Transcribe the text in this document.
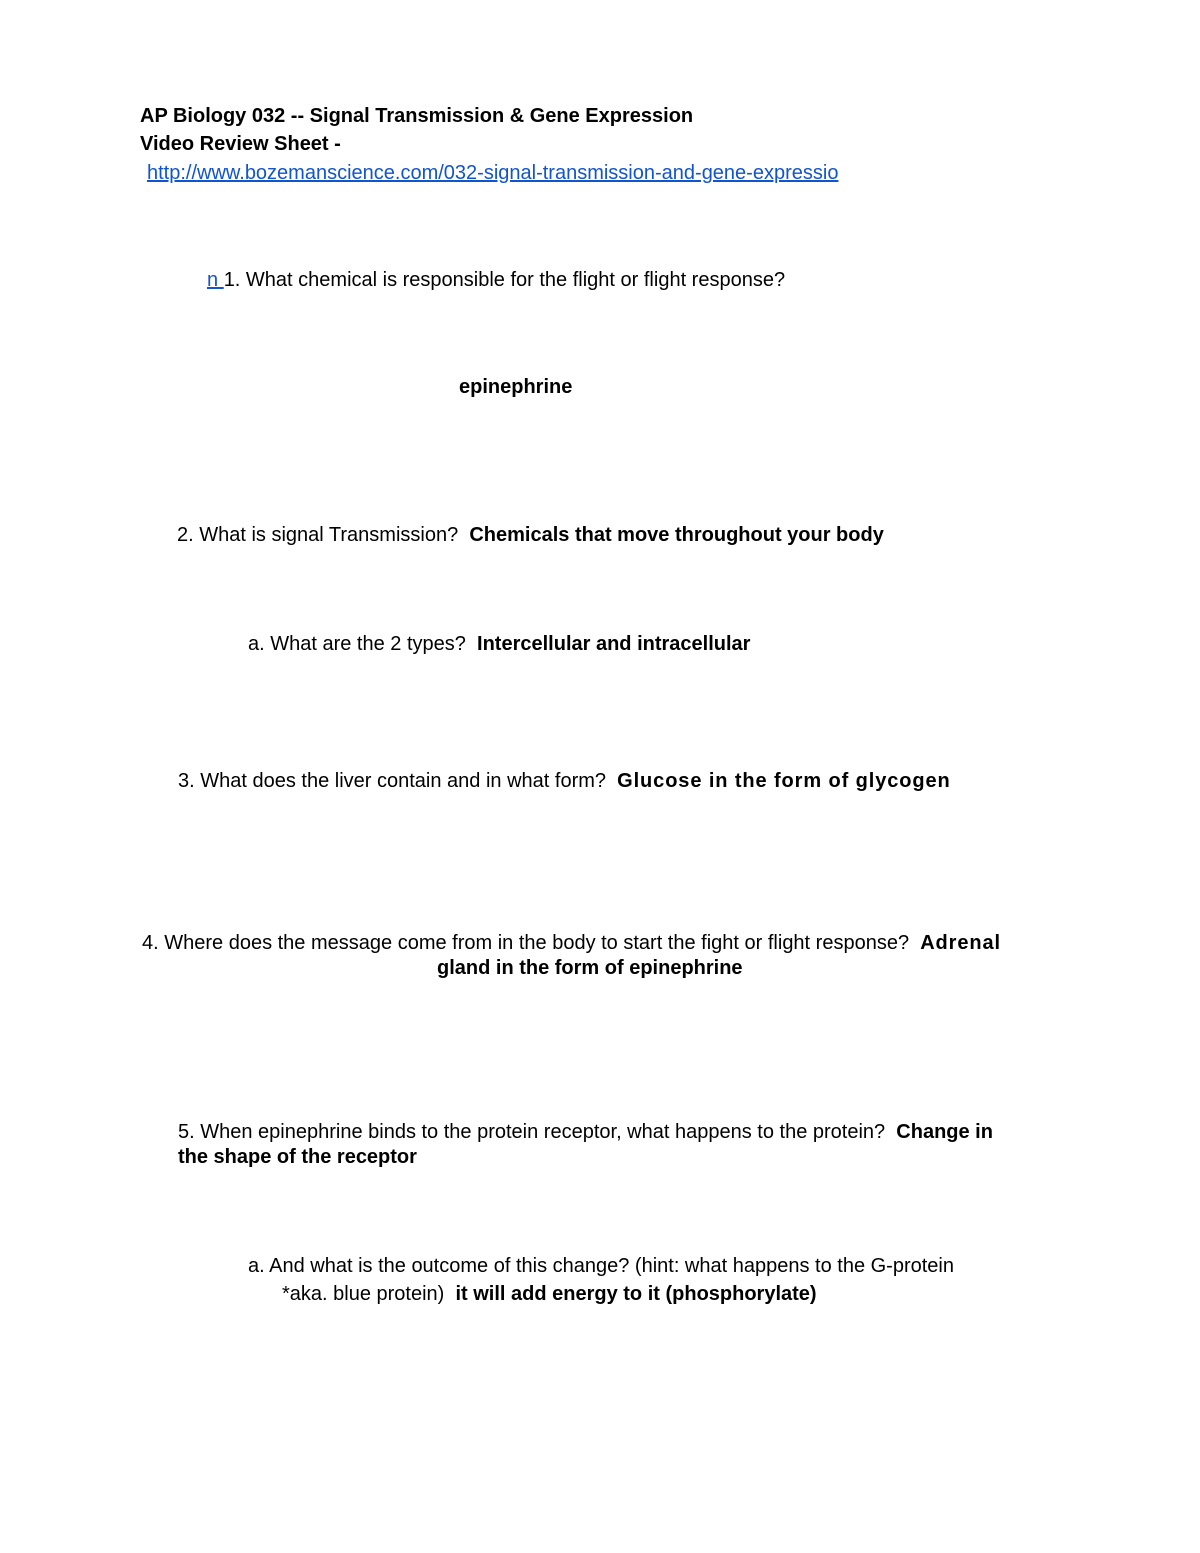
AP Biology 032 -- Signal Transmission & Gene Expression
Video Review Sheet -
http://www.bozemanscience.com/032-signal-transmission-and-gene-expressio
n 1. What chemical is responsible for the flight or flight response?
epinephrine
2. What is signal Transmission? Chemicals that move throughout your body
a. What are the 2 types? Intercellular and intracellular
3. What does the liver contain and in what form? Glucose in the form of glycogen
4. Where does the message come from in the body to start the fight or flight response? Adrenal
gland in the form of epinephrine
5. When epinephrine binds to the protein receptor, what happens to the protein? Change in
the shape of the receptor
a. And what is the outcome of this change? (hint: what happens to the G-protein
*aka. blue protein) it will add energy to it (phosphorylate)
